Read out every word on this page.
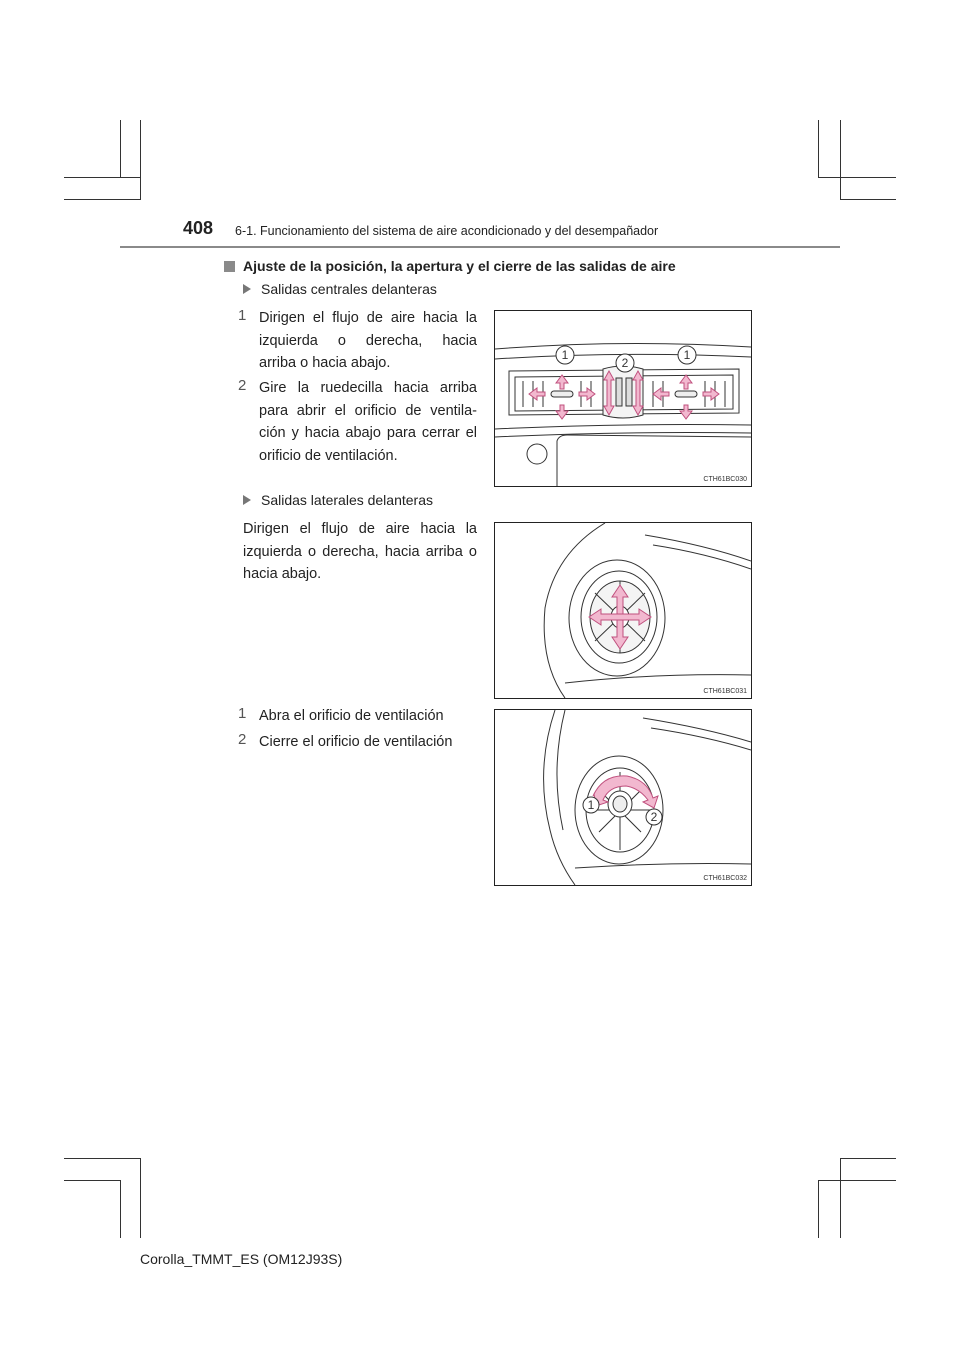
408 6-1. Funcionamiento del sistema de aire acondicionado y del desempañador
Ajuste de la posición, la apertura y el cierre de las salidas de aire
Salidas centrales delanteras
1 Dirigen el flujo de aire hacia la
izquierda o derecha, hacia
arriba o hacia abajo.
2 Gire la ruedecilla hacia arriba
para abrir el orificio de ventila-
ción y hacia abajo para cerrar el
orificio de ventilación.
1
2
1
CTH61BC030
Salidas laterales delanteras
Dirigen el flujo de aire hacia la
izquierda o derecha, hacia arriba o
hacia abajo.
CTH61BC031
1 Abra el orificio de ventilación
2 Cierre el orificio de ventilación
1
2
CTH61BC032
Corolla_TMMT_ES (OM12J93S)
